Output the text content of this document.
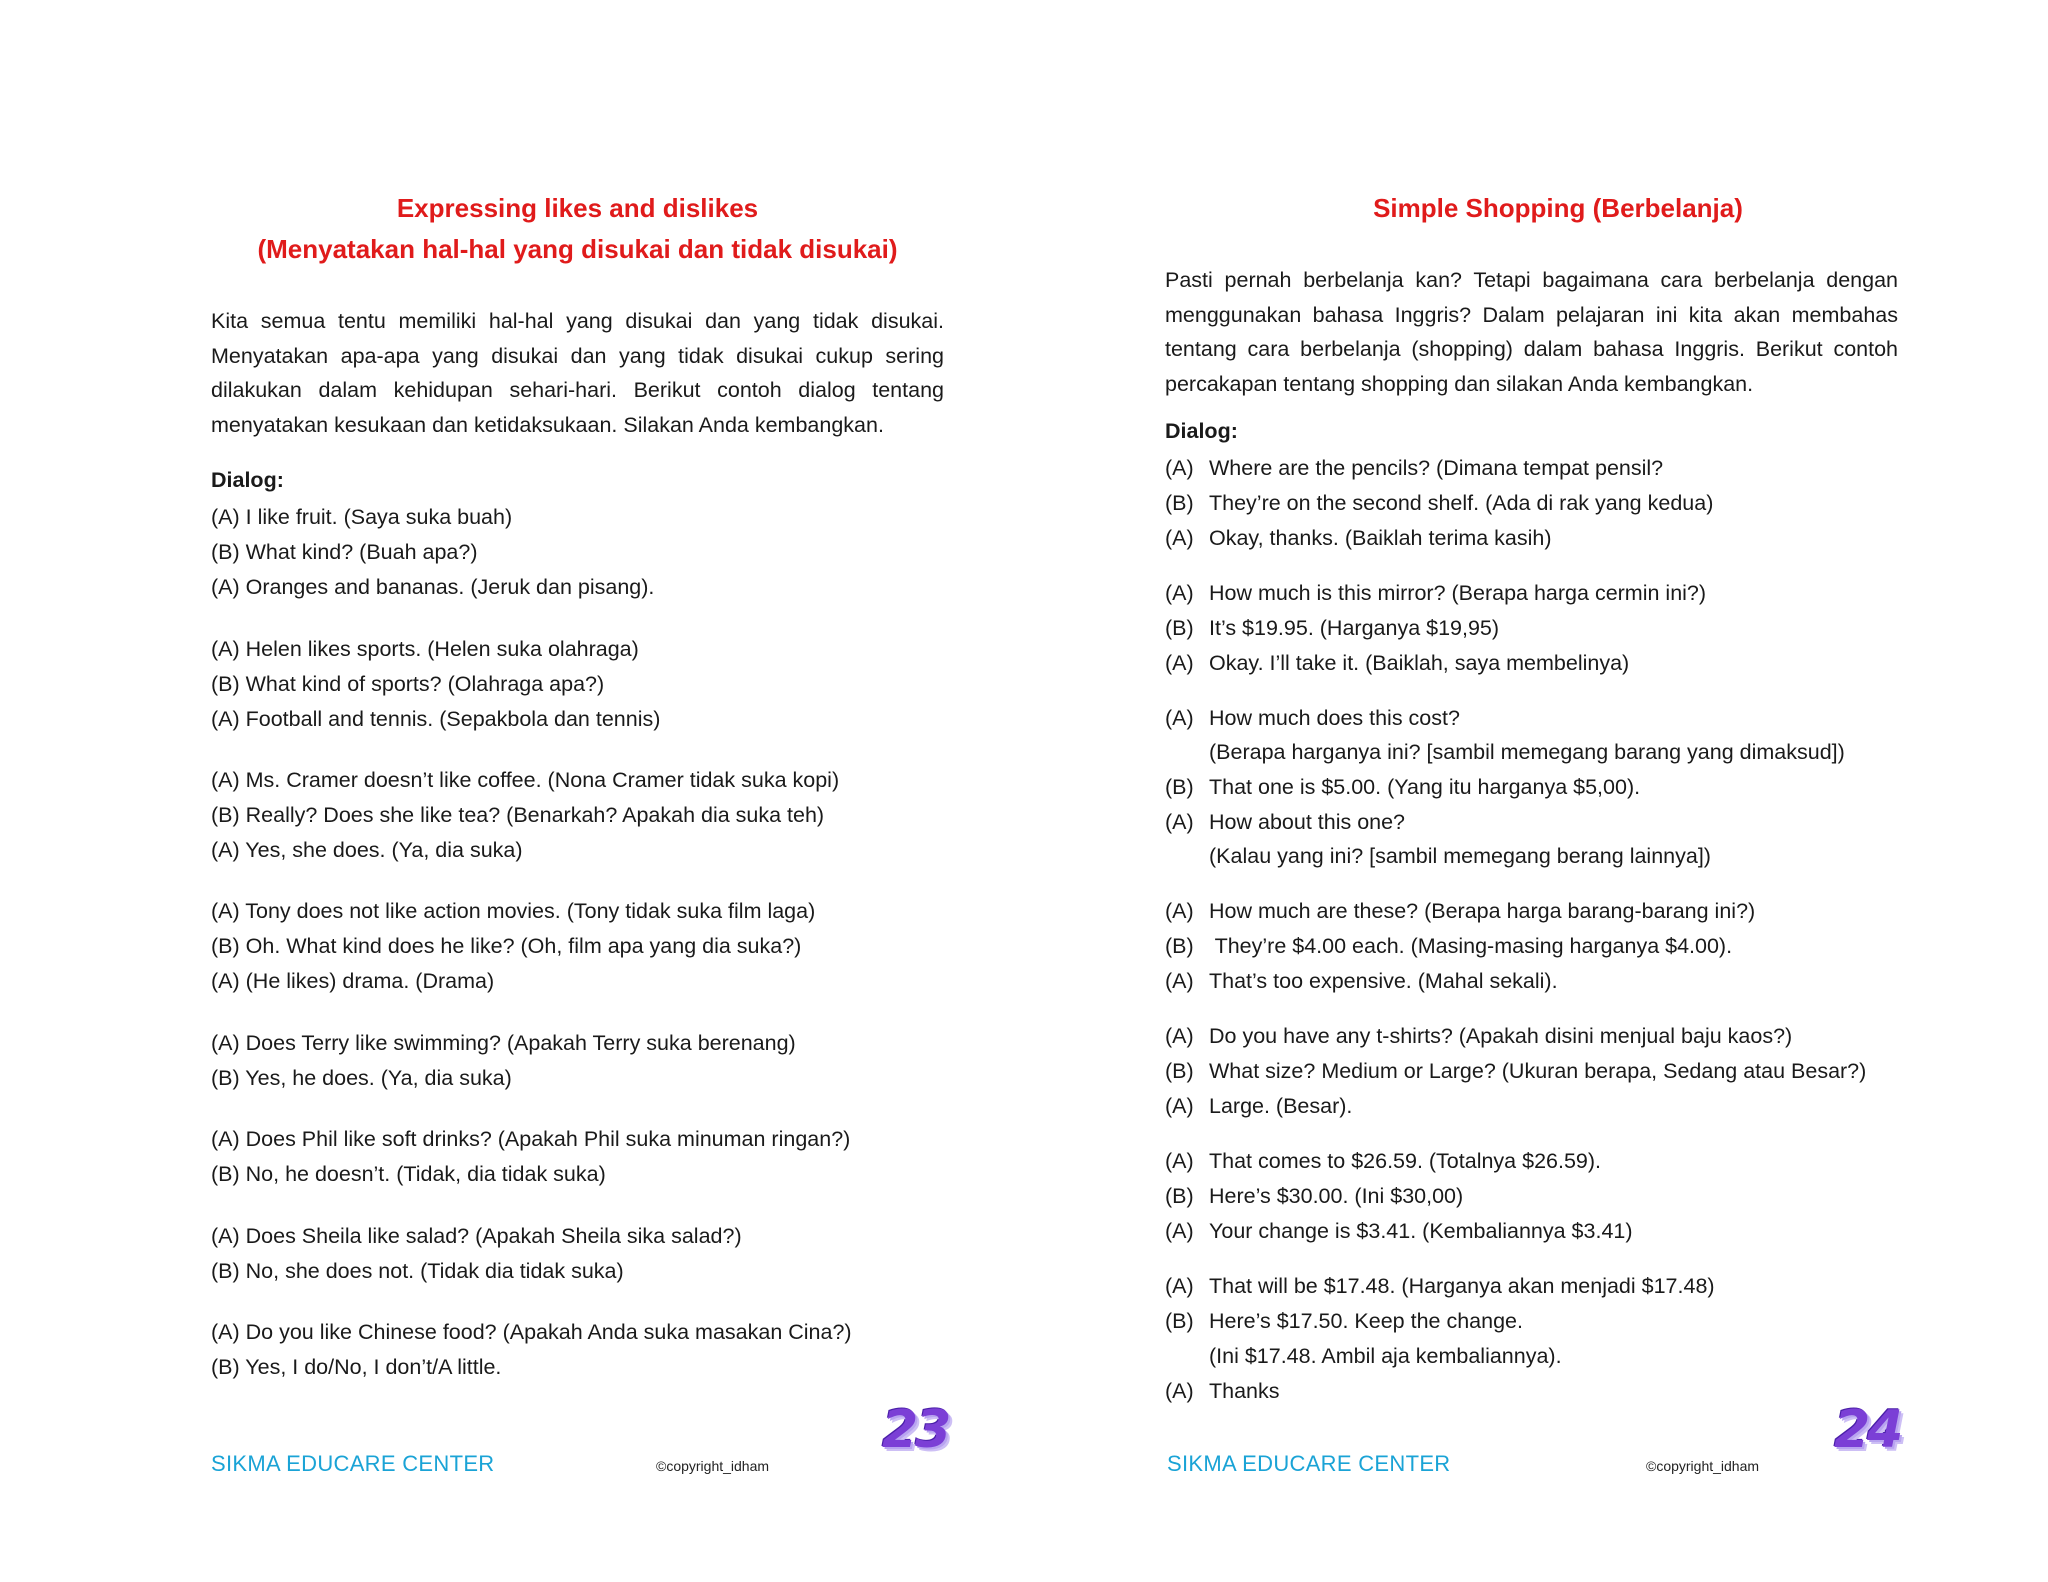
Expressing likes and dislikes
(Menyatakan hal-hal yang disukai dan tidak disukai)
Kita semua tentu memiliki hal-hal yang disukai dan yang tidak disukai. Menyatakan apa-apa yang disukai dan yang tidak disukai cukup sering dilakukan dalam kehidupan sehari-hari. Berikut contoh dialog tentang menyatakan kesukaan dan ketidaksukaan. Silakan Anda kembangkan.
Dialog:
(A) I like fruit. (Saya suka buah)
(B) What kind? (Buah apa?)
(A) Oranges and bananas. (Jeruk dan pisang).
(A) Helen likes sports. (Helen suka olahraga)
(B) What kind of sports? (Olahraga apa?)
(A) Football and tennis. (Sepakbola dan tennis)
(A) Ms. Cramer doesn’t like coffee. (Nona Cramer tidak suka kopi)
(B) Really? Does she like tea? (Benarkah? Apakah dia suka teh)
(A) Yes, she does. (Ya, dia suka)
(A) Tony does not like action movies. (Tony tidak suka film laga)
(B) Oh. What kind does he like? (Oh, film apa yang dia suka?)
(A) (He likes) drama. (Drama)
(A) Does Terry like swimming? (Apakah Terry suka berenang)
(B) Yes, he does. (Ya, dia suka)
(A) Does Phil like soft drinks? (Apakah Phil suka minuman ringan?)
(B) No, he doesn’t. (Tidak, dia tidak suka)
(A) Does Sheila like salad? (Apakah Sheila sika salad?)
(B) No, she does not. (Tidak dia tidak suka)
(A) Do you like Chinese food? (Apakah Anda suka masakan Cina?)
(B) Yes, I do/No, I don’t/A little.
SIKMA EDUCARE CENTER	©copyright_idham
23
Simple Shopping (Berbelanja)
Pasti pernah berbelanja kan? Tetapi bagaimana cara berbelanja dengan menggunakan bahasa Inggris? Dalam pelajaran ini kita akan membahas tentang cara berbelanja (shopping) dalam bahasa Inggris. Berikut contoh percakapan tentang shopping dan silakan Anda kembangkan.
Dialog:
(A) Where are the pencils? (Dimana tempat pensil?
(B) They’re on the second shelf. (Ada di rak yang kedua)
(A) Okay, thanks. (Baiklah terima kasih)
(A) How much is this mirror? (Berapa harga cermin ini?)
(B) It’s $19.95. (Harganya $19,95)
(A) Okay. I’ll take it. (Baiklah, saya membelinya)
(A) How much does this cost?
(Berapa harganya ini? [sambil memegang barang yang dimaksud])
(B) That one is $5.00. (Yang itu harganya $5,00).
(A) How about this one?
(Kalau yang ini? [sambil memegang berang lainnya])
(A) How much are these? (Berapa harga barang-barang ini?)
(B) They’re $4.00 each. (Masing-masing harganya $4.00).
(A) That’s too expensive. (Mahal sekali).
(A) Do you have any t-shirts? (Apakah disini menjual baju kaos?)
(B) What size? Medium or Large? (Ukuran berapa, Sedang atau Besar?)
(A) Large. (Besar).
(A) That comes to $26.59. (Totalnya $26.59).
(B) Here’s $30.00. (Ini $30,00)
(A) Your change is $3.41. (Kembaliannya $3.41)
(A) That will be $17.48. (Harganya akan menjadi $17.48)
(B) Here’s $17.50. Keep the change.
(Ini $17.48. Ambil aja kembaliannya).
(A) Thanks
SIKMA EDUCARE CENTER	©copyright_idham
24
